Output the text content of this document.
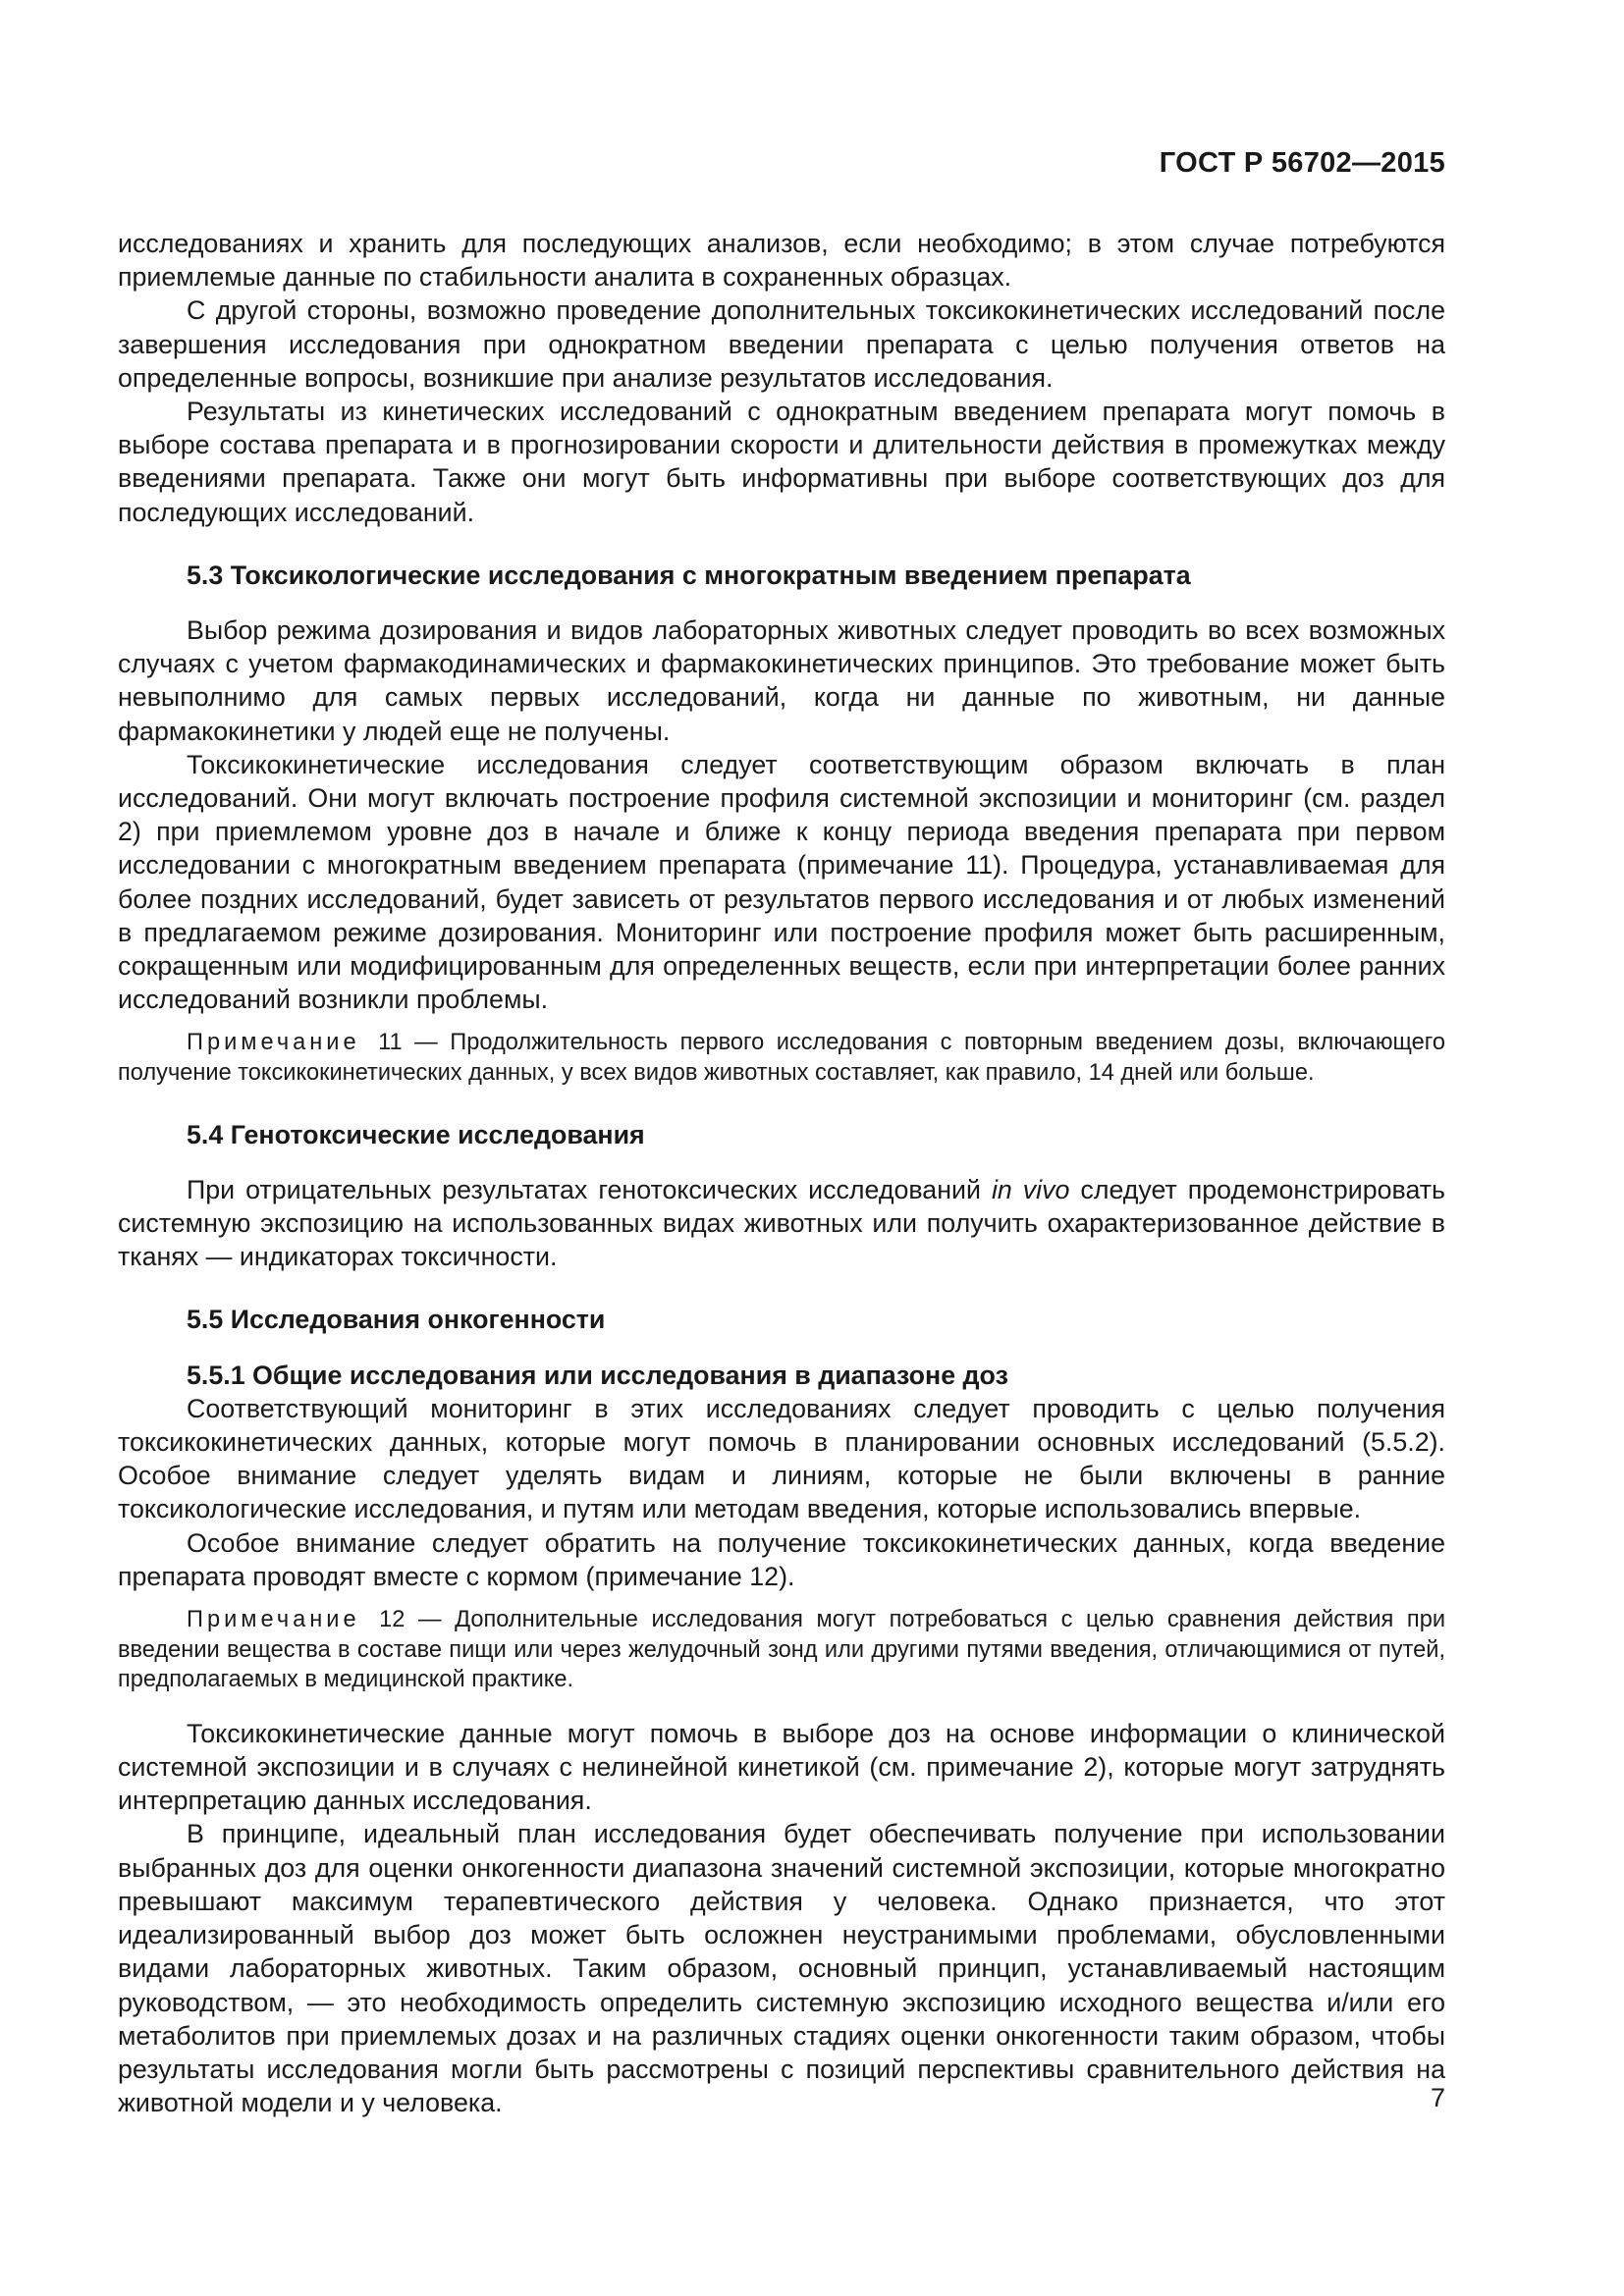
ГОСТ Р 56702—2015

исследованиях и хранить для последующих анализов, если необходимо; в этом случае потребуются приемлемые данные по стабильности аналита в сохраненных образцах.

С другой стороны, возможно проведение дополнительных токсикокинетических исследований после завершения исследования при однократном введении препарата с целью получения ответов на определенные вопросы, возникшие при анализе результатов исследования.

Результаты из кинетических исследований с однократным введением препарата могут помочь в выборе состава препарата и в прогнозировании скорости и длительности действия в промежутках между введениями препарата. Также они могут быть информативны при выборе соответствующих доз для последующих исследований.

5.3 Токсикологические исследования с многократным введением препарата

Выбор режима дозирования и видов лабораторных животных следует проводить во всех возможных случаях с учетом фармакодинамических и фармакокинетических принципов. Это требование может быть невыполнимо для самых первых исследований, когда ни данные по животным, ни данные фармакокинетики у людей еще не получены.

Токсикокинетические исследования следует соответствующим образом включать в план исследований. Они могут включать построение профиля системной экспозиции и мониторинг (см. раздел 2) при приемлемом уровне доз в начале и ближе к концу периода введения препарата при первом исследовании с многократным введением препарата (примечание 11). Процедура, устанавливаемая для более поздних исследований, будет зависеть от результатов первого исследования и от любых изменений в предлагаемом режиме дозирования. Мониторинг или построение профиля может быть расширенным, сокращенным или модифицированным для определенных веществ, если при интерпретации более ранних исследований возникли проблемы.

Примечание 11 — Продолжительность первого исследования с повторным введением дозы, включающего получение токсикокинетических данных, у всех видов животных составляет, как правило, 14 дней или больше.
5.4 Генотоксические исследования

При отрицательных результатах генотоксических исследований in vivo следует продемонстрировать системную экспозицию на использованных видах животных или получить охарактеризованное действие в тканях — индикаторах токсичности.

5.5 Исследования онкогенности
5.5.1 Общие исследования или исследования в диапазоне доз

Соответствующий мониторинг в этих исследованиях следует проводить с целью получения токсикокинетических данных, которые могут помочь в планировании основных исследований (5.5.2). Особое внимание следует уделять видам и линиям, которые не были включены в ранние токсикологические исследования, и путям или методам введения, которые использовались впервые.

Особое внимание следует обратить на получение токсикокинетических данных, когда введение препарата проводят вместе с кормом (примечание 12).

Примечание 12 — Дополнительные исследования могут потребоваться с целью сравнения действия при введении вещества в составе пищи или через желудочный зонд или другими путями введения, отличающимися от путей, предполагаемых в медицинской практике.

Токсикокинетические данные могут помочь в выборе доз на основе информации о клинической системной экспозиции и в случаях с нелинейной кинетикой (см. примечание 2), которые могут затруднять интерпретацию данных исследования.

В принципе, идеальный план исследования будет обеспечивать получение при использовании выбранных доз для оценки онкогенности диапазона значений системной экспозиции, которые многократно превышают максимум терапевтического действия у человека. Однако признается, что этот идеализированный выбор доз может быть осложнен неустранимыми проблемами, обусловленными видами лабораторных животных. Таким образом, основный принцип, устанавливаемый настоящим руководством, — это необходимость определить системную экспозицию исходного вещества и/или его метаболитов при приемлемых дозах и на различных стадиях оценки онкогенности таким образом, чтобы результаты исследования могли быть рассмотрены с позиций перспективы сравнительного действия на животной модели и у человека.	7
